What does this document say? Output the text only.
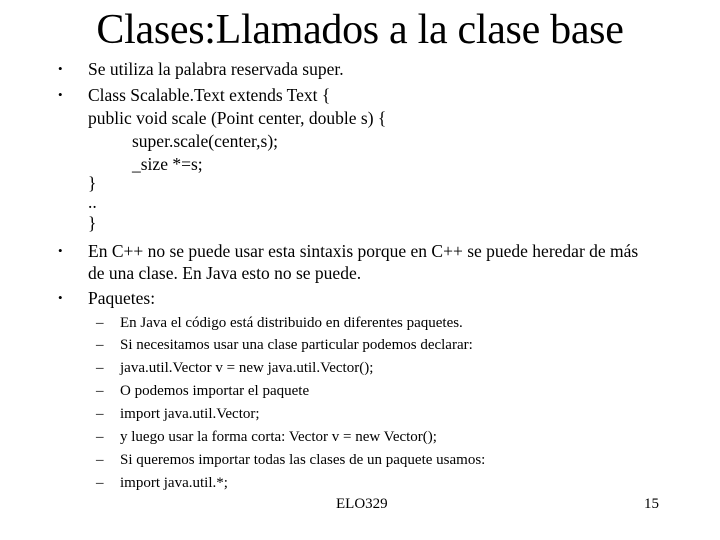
Clases:Llamados a la clase base
• Se utiliza la palabra reservada super.
• Class Scalable.Text extends Text {
public void scale (Point center, double s) {
super.scale(center,s);
_size *=s;
}
..
}
• En C++ no se puede usar esta sintaxis porque en C++ se puede heredar de más
de una clase. En Java esto no se puede.
• Paquetes:
– En Java el código está distribuido en diferentes paquetes.
– Si necesitamos usar una clase particular podemos declarar:
– java.util.Vector v = new java.util.Vector();
– O podemos importar el paquete
– import java.util.Vector;
– y luego usar la forma corta: Vector v = new Vector();
– Si queremos importar todas las clases de un paquete usamos:
– import java.util.*;
ELO329	15
